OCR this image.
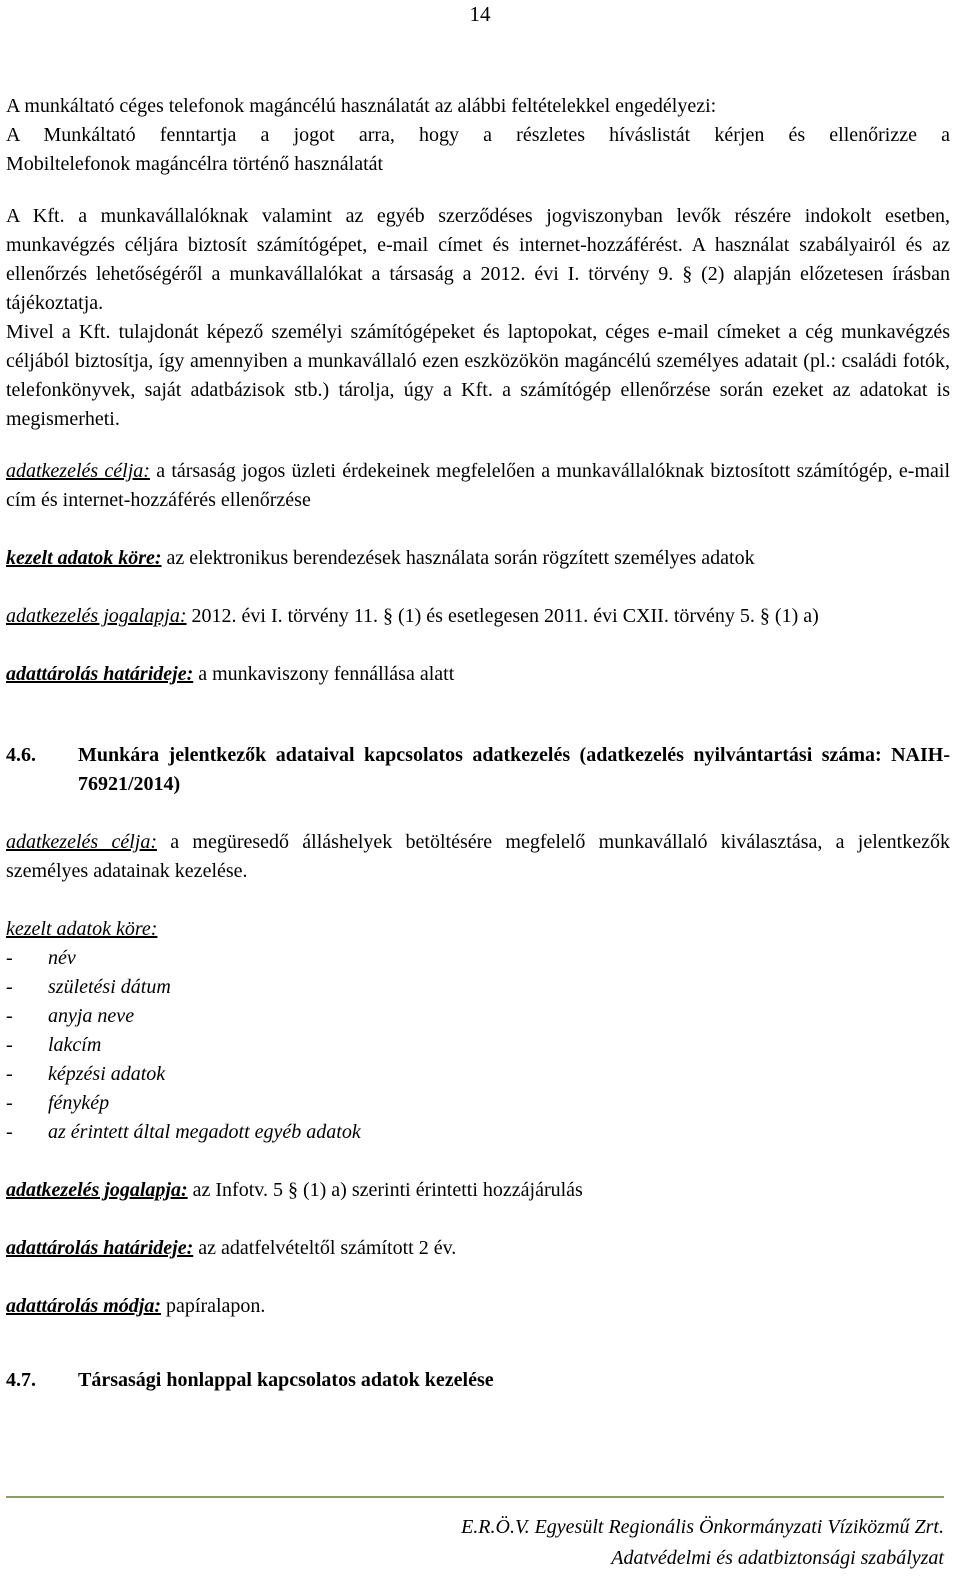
14

A munkáltató céges telefonok magáncélú használatát az alábbi feltételekkel engedélyezi:

A Munkáltató fenntartja a jogot arra, hogy a részletes híváslistát kérjen és ellenőrizze a

Mobiltelefonok magáncélra történő használatát

A Kft. a munkavállalóknak valamint az egyéb szerződéses jogviszonyban levők részére indokolt esetben, munkavégzés céljára biztosít számítógépet, e-mail címet és internet-hozzáférést. A használat szabályairól és az ellenőrzés lehetőségéről a munkavállalókat a társaság a 2012. évi I. törvény 9. § (2) alapján előzetesen írásban tájékoztatja.

Mivel a Kft. tulajdonát képező személyi számítógépeket és laptopokat, céges e-mail címeket a cég munkavégzés céljából biztosítja, így amennyiben a munkavállaló ezen eszközökön magáncélú személyes adatait (pl.: családi fotók, telefonkönyvek, saját adatbázisok stb.) tárolja, úgy a Kft. a számítógép ellenőrzése során ezeket az adatokat is megismerheti.

adatkezelés célja: a társaság jogos üzleti érdekeinek megfelelően a munkavállalóknak biztosított számítógép, e-mail cím és internet-hozzáférés ellenőrzése

kezelt adatok köre: az elektronikus berendezések használata során rögzített személyes adatok

adatkezelés jogalapja: 2012. évi I. törvény 11. § (1) és esetlegesen 2011. évi CXII. törvény 5. § (1) a)

adattárolás határideje: a munkaviszony fennállása alatt

4.6.	Munkára jelentkezők adataival kapcsolatos adatkezelés (adatkezelés nyilvántartási száma: NAIH-76921/2014)

adatkezelés célja: a megüresedő álláshelyek betöltésére megfelelő munkavállaló kiválasztása, a jelentkezők személyes adatainak kezelése.

kezelt adatok köre:

-	név
-	születési dátum
-	anyja neve
-	lakcím
-	képzési adatok
-	fénykép
-	az érintett által megadott egyéb adatok

adatkezelés jogalapja: az Infotv. 5 § (1) a) szerinti érintetti hozzájárulás

adattárolás határideje: az adatfelvételtől számított 2 év.

adattárolás módja: papíralapon.

4.7.	Társasági honlappal kapcsolatos adatok kezelése
E.R.Ö.V. Egyesült Regionális Önkormányzati Víziközmű Zrt.
Adatvédelmi és adatbiztonsági szabályzat
